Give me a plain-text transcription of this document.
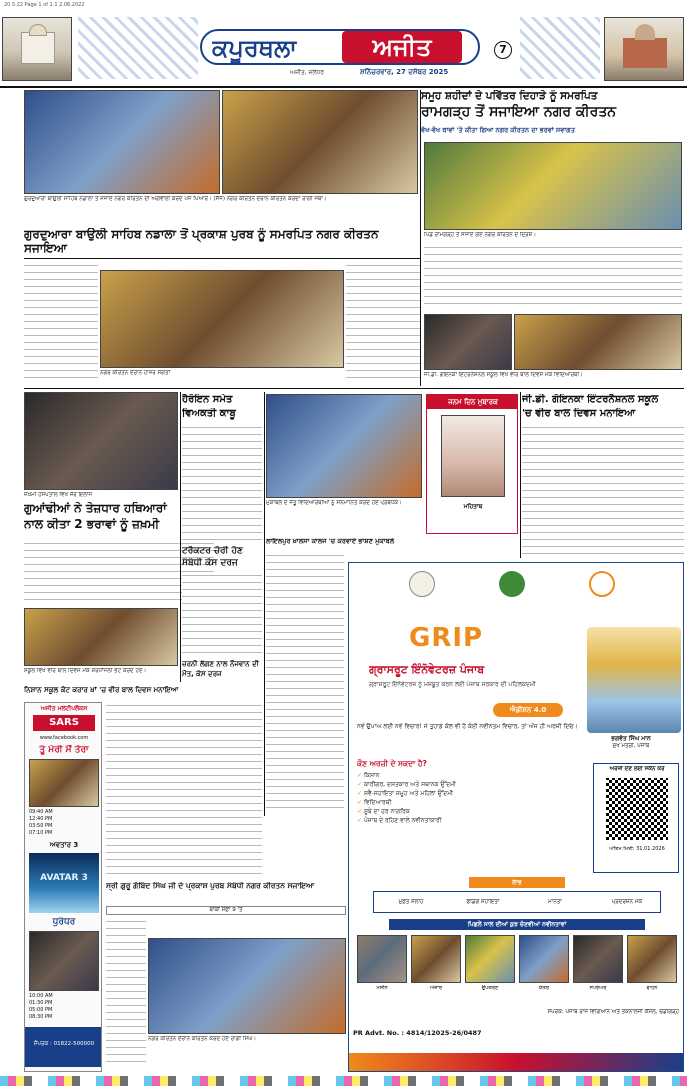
20.5.22 Page 1 of 1.1 2.06.2022
ਕਪੂਰਥਲਾ	ਅਜੀਤ	7
ਅਜੀਤ, ਜਲੰਧਰ	ਸ਼ਨਿੱਚਰਵਾਰ, 27 ਦਸੰਬਰ 2025
ਗੁਰਦੁਆਰਾ ਬਾਉਲੀ ਸਾਹਿਬ ਨਡਾਲਾ ਤੋਂ ਸਜਾਏ ਨਗਰ ਕੀਰਤਨ ਦੀ ਅਗਵਾਈ ਕਰਦੇ ਪੰਜ ਪਿਆਰੇ। (ਸੱਜੇ) ਨਗਰ ਕੀਰਤਨ ਦੌਰਾਨ ਕੀਰਤਨ ਕਰਦਾ ਰਾਗੀ ਜਥਾ।
ਸਮੂਹ ਸ਼ਹੀਦਾਂ ਦੇ ਪਵਿੱਤਰ ਦਿਹਾੜੇ ਨੂੰ ਸਮਰਪਿਤ
ਰਾਮਗੜ੍ਹ ਤੋਂ ਸਜਾਇਆ ਨਗਰ ਕੀਰਤਨ
ਵੱਖ-ਵੱਖ ਥਾਵਾਂ 'ਤੇ ਕੀਤਾ ਗਿਆ ਨਗਰ ਕੀਰਤਨ ਦਾ ਭਰਵਾਂ ਸਵਾਗਤ
ਪਿੰਡ ਰਾਮਗੜ੍ਹ ਤੋਂ ਸਜਾਏ ਗਏ ਨਗਰ ਕੀਰਤਨ ਦੇ ਦ੍ਰਿਸ਼।
ਗੁਰਦੁਆਰਾ ਬਾਉਲੀ ਸਾਹਿਬ ਨਡਾਲਾ ਤੋਂ ਪ੍ਰਕਾਸ਼ ਪੁਰਬ ਨੂੰ ਸਮਰਪਿਤ ਨਗਰ ਕੀਰਤਨ ਸਜਾਇਆ
ਨਗਰ ਕੀਰਤਨ ਦੌਰਾਨ ਹਾਜ਼ਰ ਸੰਗਤਾਂ	ਜੀ.ਡੀ. ਗੋਇਨਕਾ ਇੰਟਰਨੈਸ਼ਨਲ ਸਕੂਲ ਵਿਖੇ ਵੀਰ ਬਾਲ ਦਿਵਸ ਮੌਕੇ ਵਿਦਿਆਰਥੀ।
ਜ਼ਖ਼ਮੀ ਹਸਪਤਾਲ ਵਿਖੇ ਜ਼ੇਰੇ ਇਲਾਜ
ਗੁਆਂਢੀਆਂ ਨੇ ਤੇਜ਼ਧਾਰ ਹਥਿਆਰਾਂ
ਨਾਲ ਕੀਤਾ 2 ਭਰਾਵਾਂ ਨੂੰ ਜ਼ਖ਼ਮੀ
ਹੈਰੋਇਨ ਸਮੇਤ
ਵਿਅਕਤੀ ਕਾਬੂ
ਮੁਕਾਬਲੇ ਦੇ ਜੇਤੂ ਵਿਦਿਆਰਥੀਆਂ ਨੂੰ ਸਨਮਾਨਿਤ ਕਰਦੇ ਹੋਏ ਪ੍ਰਬੰਧਕ।
ਜਨਮ ਦਿਨ ਮੁਬਾਰਕ
ਮਹਿਤਾਬ
ਜੀ.ਡੀ. ਗੋਇਨਕਾ ਇੰਟਰਨੈਸ਼ਨਲ ਸਕੂਲ
'ਚ ਵੀਰ ਬਾਲ ਦਿਵਸ ਮਨਾਇਆ
ਟਰੈਕਟਰ ਚੋਰੀ ਹੋਣ
ਸੰਬੰਧੀ ਕੇਸ ਦਰਜ
ਲਾਇਲਪੁਰ ਖ਼ਾਲਸਾ ਕਾਲਜ 'ਚ ਕਰਵਾਏ ਭਾਸ਼ਣ ਮੁਕਾਬਲੇ
ਸਕੂਲ ਵਿਖੇ ਵੀਰ ਬਾਲ ਦਿਵਸ ਮੌਕੇ ਸ਼ਰਧਾਂਜਲੀ ਭੇਟ ਕਰਦੇ ਹੋਏ।
ਨਿਸ਼ਾਨ ਸਕੂਲ ਕੋਟ ਕਰਾਰ ਖ਼ਾਂ 'ਚ ਵੀਰ ਬਾਲ ਦਿਵਸ ਮਨਾਇਆ
ਜ਼ਰਨੀ ਲੱਗਣ ਨਾਲ ਨੌਜਵਾਨ ਦੀ
ਮੌਤ, ਕੇਸ ਦਰਜ
ਅਜੀਤ ਮਲਟੀਪਲੈਕਸ
SARS
www.facebook.com
ਤੂੰ ਮੇਰੀ ਮੈਂ ਤੇਰਾ
09:40 AM
12:40 PM
03:50 PM
07:10 PM
ਅਵਤਾਰ 3
AVATAR 3
ਧੁਰੰਧਰ
10:00 AM
01:30 PM
05:00 PM
08:30 PM
ਸੰਪਰਕ : 01822-500000
ਸ੍ਰੀ ਗੁਰੂ ਗੋਬਿੰਦ ਸਿੰਘ ਜੀ ਦੇ ਪ੍ਰਕਾਸ਼ ਪੁਰਬ ਸੰਬੰਧੀ ਨਗਰ ਕੀਰਤਨ ਸਜਾਇਆ
ਬਾਕੀ ਸਫ਼ਾ 9 'ਤੇ
ਨਗਰ ਕੀਰਤਨ ਦੌਰਾਨ ਕੀਰਤਨ ਕਰਦੇ ਹੋਏ ਰਾਗੀ ਸਿੰਘ।
GRIP
ਗ੍ਰਾਸਰੂਟ ਇੰਨੋਵੇਟਰਜ਼ ਪੰਜਾਬ
ਗ੍ਰਾਸਰੂਟ ਇੰਨੋਵੇਟਰਜ਼ ਨੂੰ ਮਜ਼ਬੂਤ ਕਰਨ ਲਈ ਪੰਜਾਬ ਸਰਕਾਰ ਦੀ ਪਹਿਲਕਦਮੀ
ਐਡੀਸ਼ਨ 4.0
ਭਗਵੰਤ ਸਿੰਘ ਮਾਨ
ਮੁੱਖ ਮੰਤਰੀ, ਪੰਜਾਬ
ਨਵੇਂ ਉਪਾਅ ਲਈ ਨਵੇਂ ਵਿਚਾਰ! ਜੇ ਤੁਹਾਡੇ ਕੋਲ ਵੀ ਹੈ ਕੋਈ ਨਵੀਨਤਮ ਵਿਚਾਰ, ਤਾਂ ਅੱਜ ਹੀ ਅਰਜ਼ੀ ਦਿਓ।
ਕੌਣ ਅਰਜ਼ੀ ਦੇ ਸਕਦਾ ਹੈ?
✓ ਕਿਸਾਨ
✓ ਕਾਰੀਗਰ, ਦਸਤਕਾਰ ਅਤੇ ਸਥਾਨਕ ਉੱਦਮੀ
✓ ਸਵੈ-ਸਹਾਇਤਾ ਸਮੂਹ ਅਤੇ ਮਹਿਲਾ ਉੱਦਮੀ
✓ ਵਿਦਿਆਰਥੀ
✓ ਸੂਬੇ ਦਾ ਹਰ ਨਾਗਰਿਕ
✓ ਪੰਜਾਬ ਦੇ ਰਹਿਣ ਵਾਲੇ ਨਵੀਨਤਾਕਾਰੀ
ਅਰਜ਼ੀ ਦੇਣ ਲਈ ਸਕੈਨ ਕਰੋ
ਅੰਤਿਮ ਮਿਤੀ: 31.01.2026
ਲਾਭ
ਮੁਫ਼ਤ ਸਲਾਹ	ਫੰਡਿੰਗ ਸਹਾਇਤਾ	ਮਾਨਤਾ	ਪ੍ਰਦਰਸ਼ਨ ਮੌਕੇ
ਪਿਛਲੇ ਸਾਲ ਦੀਆਂ ਕੁਝ ਚੋਣਵੀਆਂ ਨਵੀਨਤਾਵਾਂ
ਮਸ਼ੀਨ	ਔਜ਼ਾਰ	ਉਪਕਰਣ	ਯੰਤਰ	ਸਪਰੇਅਰ	ਵਾਹਨ
ਸੰਪਰਕ: ਪੰਜਾਬ ਰਾਜ ਵਿਗਿਆਨ ਅਤੇ ਤਕਨਾਲੋਜੀ ਕੌਂਸਲ, ਚੰਡੀਗੜ੍ਹ
PR Advt. No. : 4814/12025-26/0487
